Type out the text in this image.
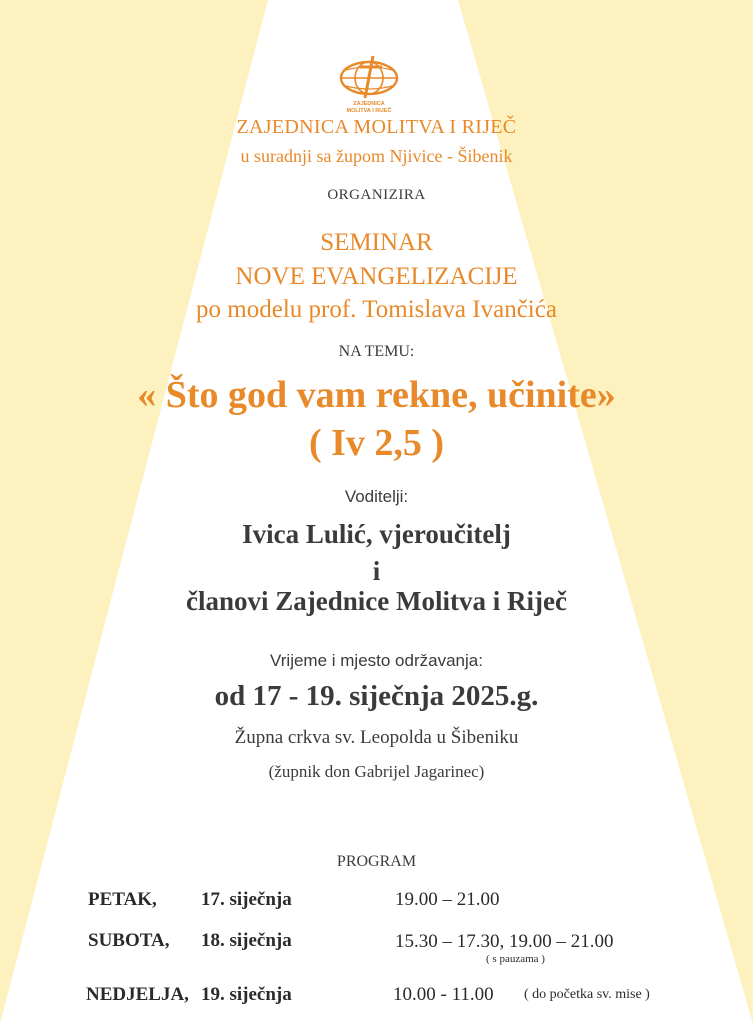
ZAJEDNICA
MOLITVA I RIJEČ
ZAJEDNICA MOLITVA I RIJEČ
u suradnji sa župom Njivice - Šibenik
ORGANIZIRA
SEMINAR
NOVE EVANGELIZACIJE
po modelu prof. Tomislava Ivančića
NA TEMU:
« Što god vam rekne, učinite»
( Iv 2,5 )
Voditelji:
Ivica Lulić, vjeroučitelj
i
članovi Zajednice Molitva i Riječ
Vrijeme i mjesto održavanja:
od 17 - 19. siječnja 2025.g.
Župna crkva sv. Leopolda u Šibeniku
(župnik don Gabrijel Jagarinec)
PROGRAM
PETAK, 17. siječnja	19.00 – 21.00
SUBOTA, 18. siječnja	15.30 – 17.30, 19.00 – 21.00
( s pauzama )
NEDJELJA, 19. siječnja	10.00 - 11.00 ( do početka sv. mise )
